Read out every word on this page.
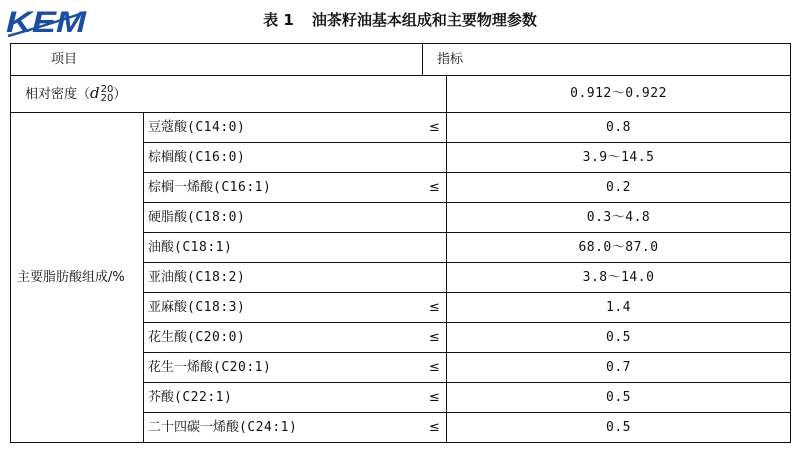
KEM	表 1 油茶籽油基本组成和主要物理参数
项目		指标	
相对密度（d 20
20 ）			0.912～0.922
主要脂肪酸组成/%	豆蔻酸(C14:0)	≤	0.8
	棕榈酸(C16:0)		3.9～14.5
	棕榈一烯酸(C16:1)	≤	0.2
	硬脂酸(C18:0)		0.3～4.8
	油酸(C18:1)		68.0～87.0
	亚油酸(C18:2)		3.8～14.0
	亚麻酸(C18:3)	≤	1.4
	花生酸(C20:0)	≤	0.5
	花生一烯酸(C20:1)	≤	0.7
	芥酸(C22:1)	≤	0.5
	二十四碳一烯酸(C24:1)	≤	0.5
